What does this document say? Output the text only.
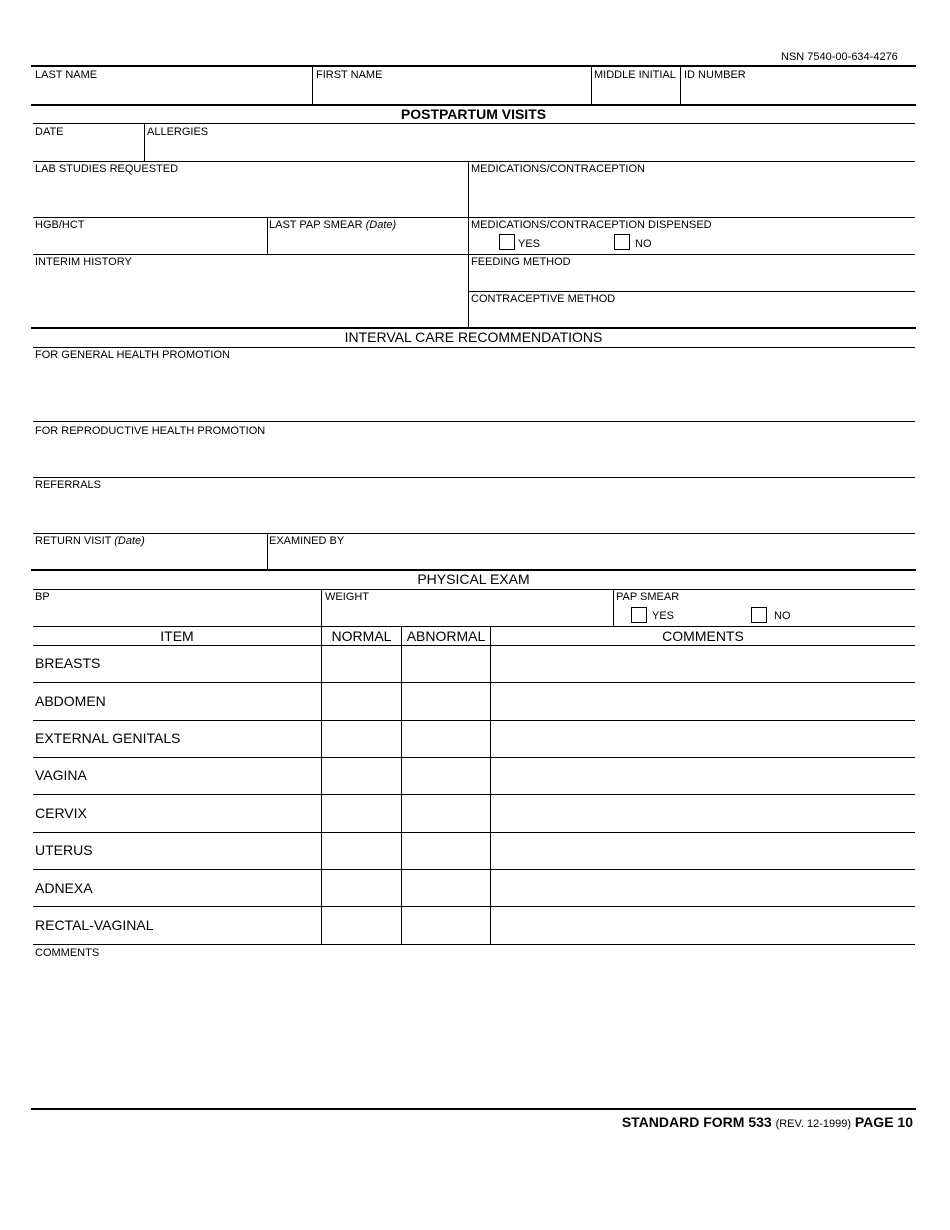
NSN 7540-00-634-4276
LAST NAME	FIRST NAME	MIDDLE INITIAL ID NUMBER
POSTPARTUM VISITS
DATE	ALLERGIES
LAB STUDIES REQUESTED	MEDICATIONS/CONTRACEPTION
HGB/HCT	LAST PAP SMEAR (Date)	MEDICATIONS/CONTRACEPTION DISPENSED
YES	NO
INTERIM HISTORY	FEEDING METHOD
CONTRACEPTIVE METHOD
INTERVAL CARE RECOMMENDATIONS
FOR GENERAL HEALTH PROMOTION
FOR REPRODUCTIVE HEALTH PROMOTION
REFERRALS
RETURN VISIT (Date)	EXAMINED BY
PHYSICAL EXAM
BP	WEIGHT	PAP SMEAR
YES	NO
ITEM	NORMAL	ABNORMAL	COMMENTS
BREASTS
ABDOMEN
EXTERNAL GENITALS
VAGINA
CERVIX
UTERUS
ADNEXA
RECTAL-VAGINAL
COMMENTS
STANDARD FORM 533 (REV. 12-1999) PAGE 10
